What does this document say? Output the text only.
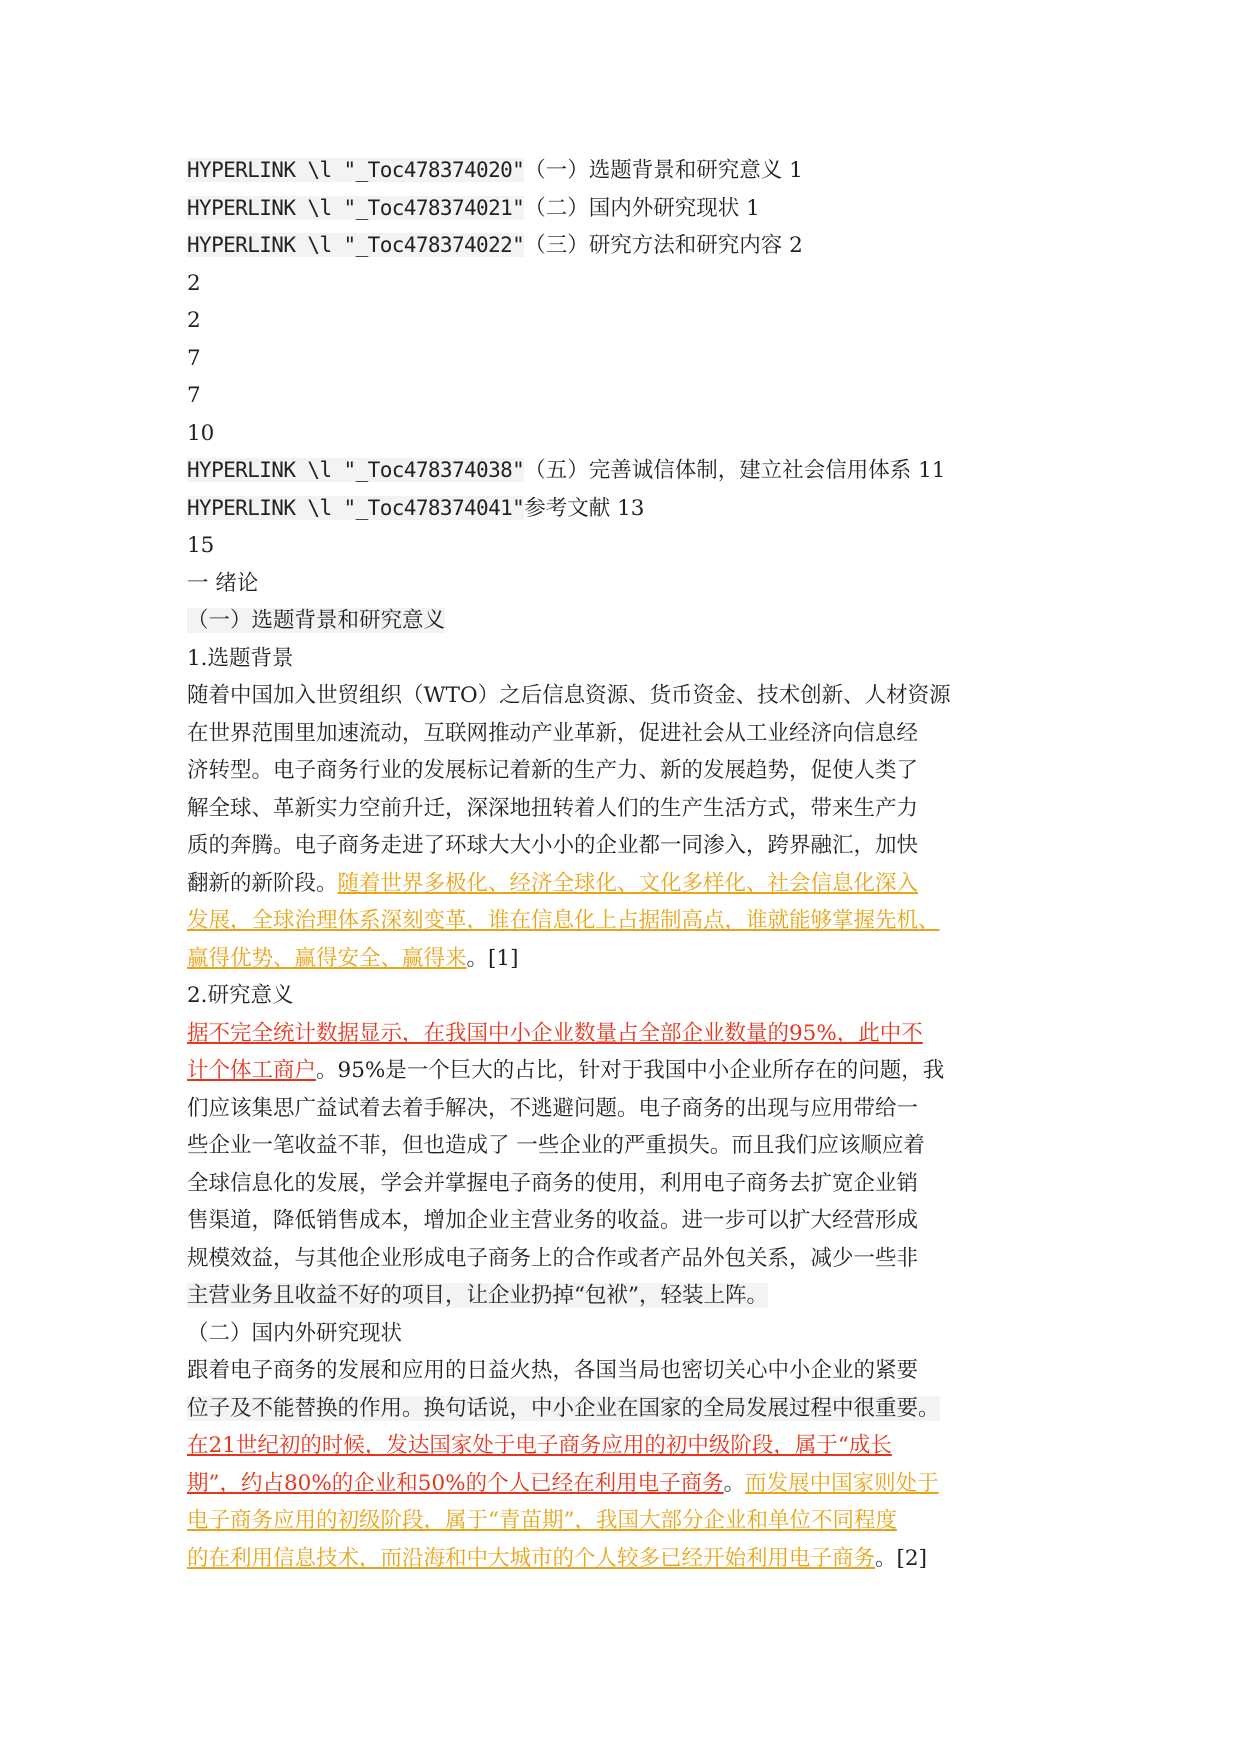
HYPERLINK \l "_Toc478374020"（一）选题背景和研究意义 1
HYPERLINK \l "_Toc478374021"（二）国内外研究现状 1
HYPERLINK \l "_Toc478374022"（三）研究方法和研究内容 2
2
2
7
7
10
HYPERLINK \l "_Toc478374038"（五）完善诚信体制，建立社会信用体系 11
HYPERLINK \l "_Toc478374041"参考文献 13
15
一 绪论
（一）选题背景和研究意义
1.选题背景
随着中国加入世贸组织（WTO）之后信息资源、货币资金、技术创新、人材资源
在世界范围里加速流动，互联网推动产业革新，促进社会从工业经济向信息经
济转型。电子商务行业的发展标记着新的生产力、新的发展趋势，促使人类了
解全球、革新实力空前升迁，深深地扭转着人们的生产生活方式，带来生产力
质的奔腾。电子商务走进了环球大大小小的企业都一同渗入，跨界融汇，加快
翻新的新阶段。随着世界多极化、经济全球化、文化多样化、社会信息化深入
发展，全球治理体系深刻变革，谁在信息化上占据制高点，谁就能够掌握先机、
赢得优势、赢得安全、赢得来。[1]
2.研究意义
据不完全统计数据显示，在我国中小企业数量占全部企业数量的95%，此中不
计个体工商户。95%是一个巨大的占比，针对于我国中小企业所存在的问题，我
们应该集思广益试着去着手解决，不逃避问题。电子商务的出现与应用带给一
些企业一笔收益不菲，但也造成了 一些企业的严重损失。而且我们应该顺应着
全球信息化的发展，学会并掌握电子商务的使用，利用电子商务去扩宽企业销
售渠道，降低销售成本，增加企业主营业务的收益。进一步可以扩大经营形成
规模效益，与其他企业形成电子商务上的合作或者产品外包关系，减少一些非
主营业务且收益不好的项目，让企业扔掉“包袱”，轻装上阵。
（二）国内外研究现状
跟着电子商务的发展和应用的日益火热，各国当局也密切关心中小企业的紧要
位子及不能替换的作用。换句话说，中小企业在国家的全局发展过程中很重要。
在21世纪初的时候，发达国家处于电子商务应用的初中级阶段，属于“成长
期”，约占80%的企业和50%的个人已经在利用电子商务。而发展中国家则处于
电子商务应用的初级阶段，属于“青苗期”，我国大部分企业和单位不同程度
的在利用信息技术，而沿海和中大城市的个人较多已经开始利用电子商务。[2]
